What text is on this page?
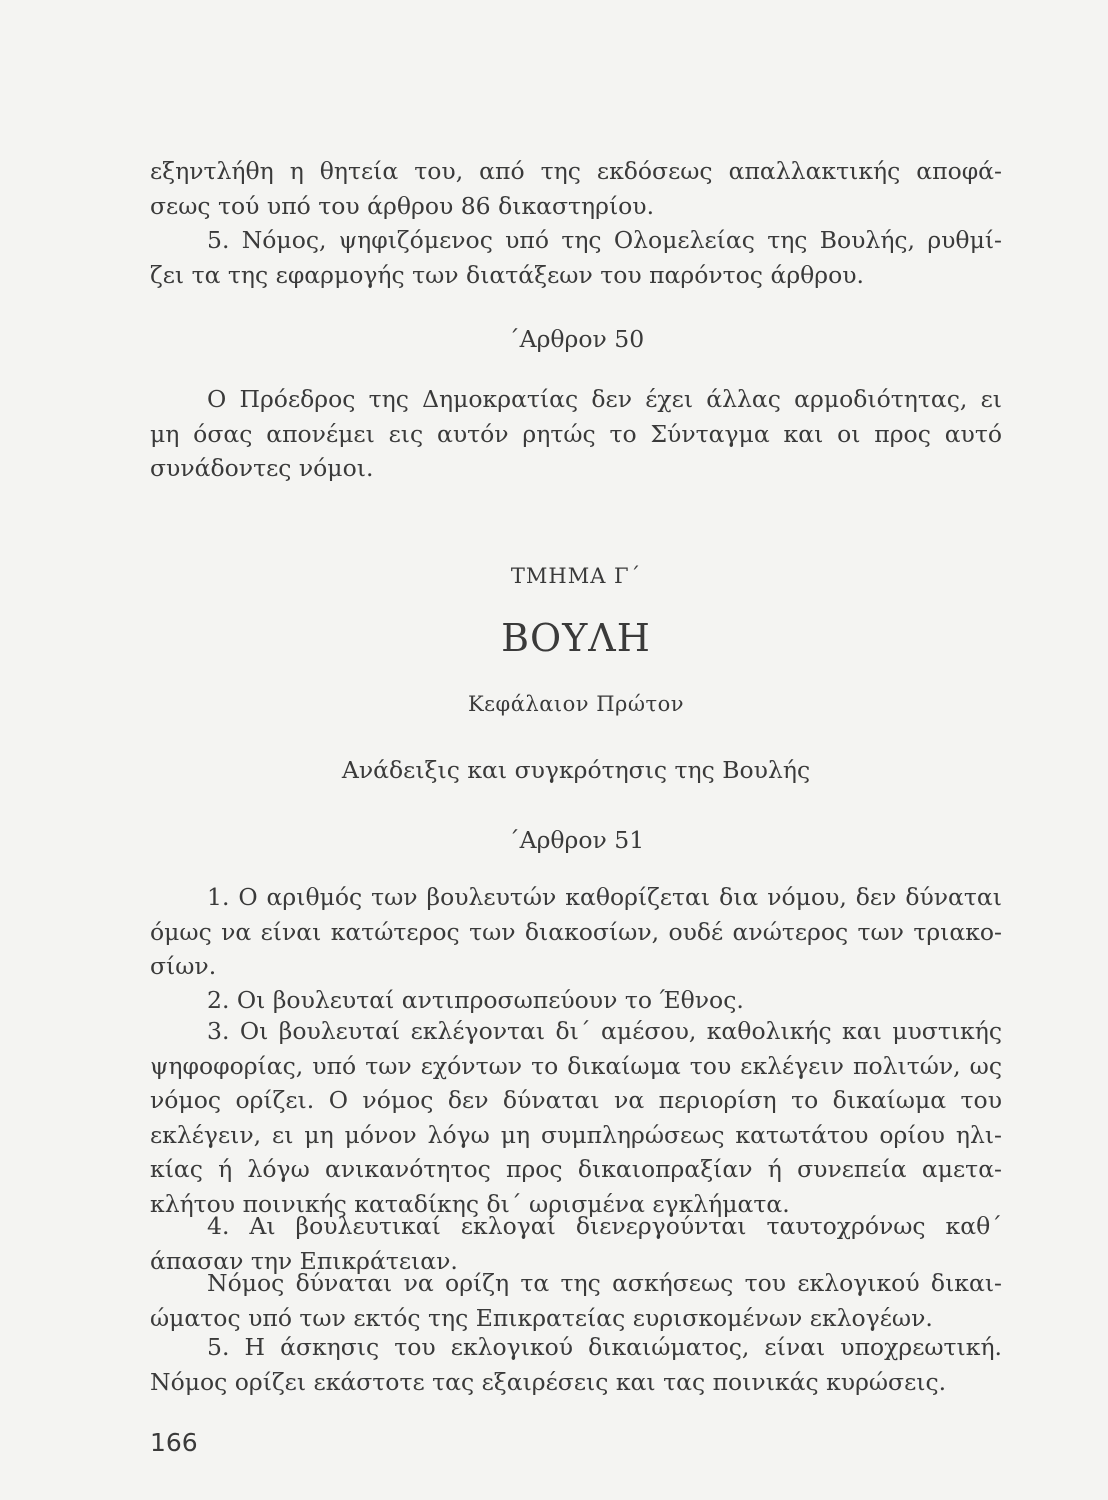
εξηντλήθη η θητεία του, από της εκδόσεως απαλλακτικής αποφά-
σεως τού υπό του άρθρου 86 δικαστηρίου.
5. Νόμος, ψηφιζόμενος υπό της Ολομελείας της Βουλής, ρυθμί-
ζει τα της εφαρμογής των διατάξεων του παρόντος άρθρου.
΄Αρθρον 50
Ο Πρόεδρος της Δημοκρατίας δεν έχει άλλας αρμοδιότητας, ει
μη όσας απονέμει εις αυτόν ρητώς το Σύνταγμα και οι προς αυτό
συνάδοντες νόμοι.
ΤΜΗΜΑ Γ΄
ΒΟΥΛΗ
Κεφάλαιον Πρώτον
Ανάδειξις και συγκρότησις της Βουλής
΄Αρθρον 51
1. Ο αριθμός των βουλευτών καθορίζεται δια νόμου, δεν δύναται
όμως να είναι κατώτερος των διακοσίων, ουδέ ανώτερος των τριακο-
σίων.
2. Οι βουλευταί αντιπροσωπεύουν το Έθνος.
3. Οι βουλευταί εκλέγονται δι΄ αμέσου, καθολικής και μυστικής
ψηφοφορίας, υπό των εχόντων το δικαίωμα του εκλέγειν πολιτών, ως
νόμος ορίζει. Ο νόμος δεν δύναται να περιορίση το δικαίωμα του
εκλέγειν, ει μη μόνον λόγω μη συμπληρώσεως κατωτάτου ορίου ηλι-
κίας ή λόγω ανικανότητος προς δικαιοπραξίαν ή συνεπεία αμετα-
κλήτου ποινικής καταδίκης δι΄ ωρισμένα εγκλήματα.
4. Αι βουλευτικαί εκλογαί διενεργούνται ταυτοχρόνως καθ΄
άπασαν την Επικράτειαν.
Νόμος δύναται να ορίζη τα της ασκήσεως του εκλογικού δικαι-
ώματος υπό των εκτός της Επικρατείας ευρισκομένων εκλογέων.
5. Η άσκησις του εκλογικού δικαιώματος, είναι υποχρεωτική.
Νόμος ορίζει εκάστοτε τας εξαιρέσεις και τας ποινικάς κυρώσεις.
166
